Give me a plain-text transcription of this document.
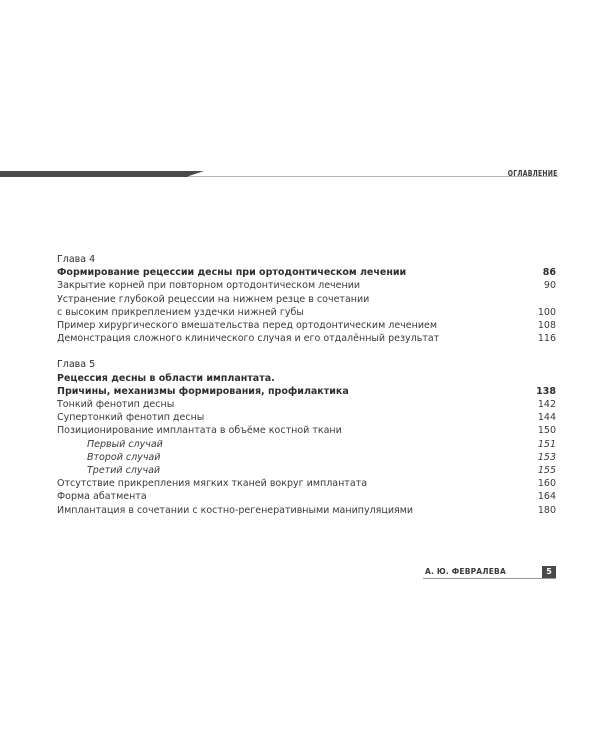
ОГЛАВЛЕНИЕ
Глава 4
Формирование рецессии десны при ортодонтическом лечении	86
Закрытие корней при повторном ортодонтическом лечении	90
Устранение глубокой рецессии на нижнем резце в сочетании
с высоким прикреплением уздечки нижней губы	100
Пример хирургического вмешательства перед ортодонтическим лечением	108
Демонстрация сложного клинического случая и его отдалённый результат	116
Глава 5
Рецессия десны в области имплантата.
Причины, механизмы формирования, профилактика	138
Тонкий фенотип десны	142
Супертонкий фенотип десны	144
Позиционирование имплантата в объёме костной ткани	150
Первый случай	151
Второй случай	153
Третий случай	155
Отсутствие прикрепления мягких тканей вокруг имплантата	160
Форма абатмента	164
Имплантация в сочетании с костно-регенеративными манипуляциями	180
А. Ю. ФЕВРАЛЕВА	5
